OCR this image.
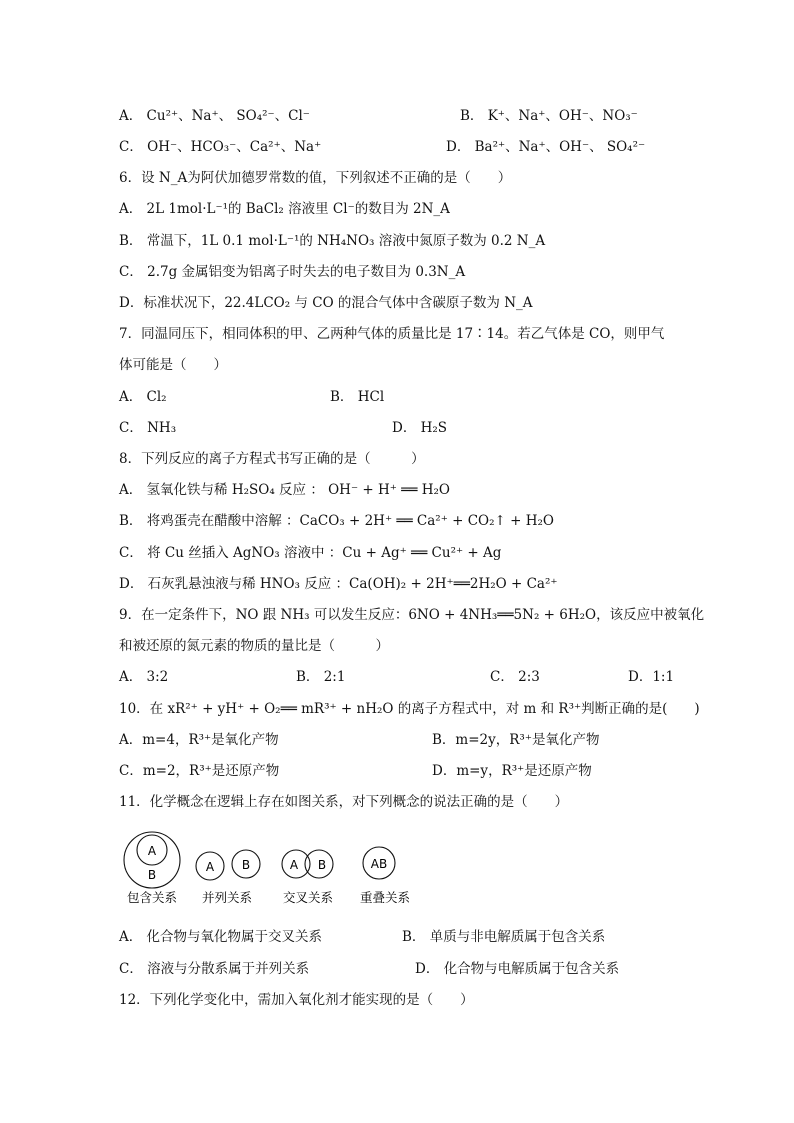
A． Cu²⁺、Na⁺、 SO₄²⁻、Cl⁻	B． K⁺、Na⁺、OH⁻、NO₃⁻
C． OH⁻、HCO₃⁻、Ca²⁺、Na⁺	D． Ba²⁺、Na⁺、OH⁻、 SO₄²⁻
6．设 N_A为阿伏加德罗常数的值，下列叙述不正确的是（　　）
A． 2L 1mol·L⁻¹的 BaCl₂ 溶液里 Cl⁻的数目为 2N_A
B． 常温下，1L 0.1 mol·L⁻¹的 NH₄NO₃ 溶液中氮原子数为 0.2 N_A
C． 2.7g 金属铝变为铝离子时失去的电子数目为 0.3N_A
D．标准状况下，22.4LCO₂ 与 CO 的混合气体中含碳原子数为 N_A
7．同温同压下，相同体积的甲、乙两种气体的质量比是 17∶14。若乙气体是 CO，则甲气
体可能是（　　）
A． Cl₂	B． HCl
C． NH₃	D． H₂S
8．下列反应的离子方程式书写正确的是（　　　）
A． 氢氧化铁与稀 H₂SO₄ 反应 ： OH⁻ + H⁺ ══ H₂O
B． 将鸡蛋壳在醋酸中溶解 ：CaCO₃ + 2H⁺ ══ Ca²⁺ + CO₂↑ + H₂O
C． 将 Cu 丝插入 AgNO₃ 溶液中 ：Cu + Ag⁺ ══ Cu²⁺ + Ag
D． 石灰乳悬浊液与稀 HNO₃ 反应 ：Ca(OH)₂ + 2H⁺══2H₂O + Ca²⁺
9．在一定条件下，NO 跟 NH₃ 可以发生反应：6NO + 4NH₃══5N₂ + 6H₂O，该反应中被氧化
和被还原的氮元素的物质的量比是（　　　）
A． 3:2	B． 2:1	C． 2:3	D．1:1
10．在 xR²⁺ + yH⁺ + O₂══ mR³⁺ + nH₂O 的离子方程式中，对 m 和 R³⁺判断正确的是(　　)
A．m=4，R³⁺是氧化产物	B．m=2y，R³⁺是氧化产物
C．m=2，R³⁺是还原产物	D．m=y，R³⁺是还原产物
11．化学概念在逻辑上存在如图关系，对下列概念的说法正确的是（　　）
A
B
包含关系
A B
并列关系
A B
交叉关系
AB
重叠关系
A． 化合物与氧化物属于交叉关系	B． 单质与非电解质属于包含关系
C． 溶液与分散系属于并列关系	D． 化合物与电解质属于包含关系
12．下列化学变化中，需加入氧化剂才能实现的是（　　）
